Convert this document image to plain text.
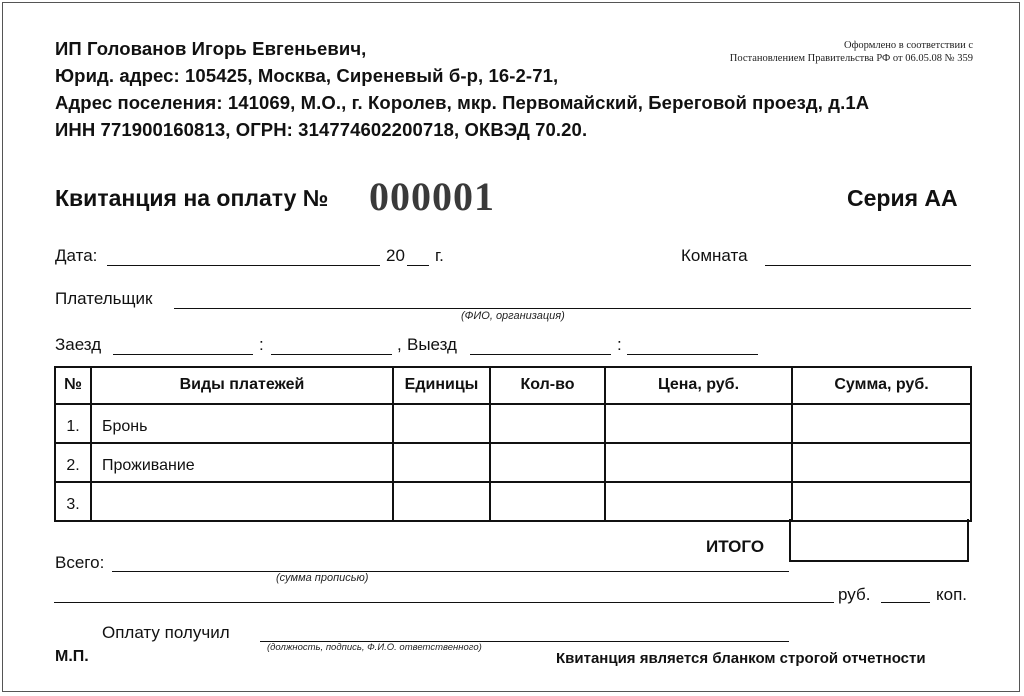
ИП Голованов Игорь Евгеньевич,
Юрид. адрес: 105425, Москва, Сиреневый б-р, 16-2-71,
Адрес поселения: 141069, М.О., г. Королев, мкр. Первомайский, Береговой проезд, д.1А
ИНН 771900160813, ОГРН: 314774602200718, ОКВЭД 70.20.
Оформлено в соответствии с
Постановлением Правительства РФ от 06.05.08 № 359
Квитанция на оплату № 000001	Серия АА
Дата:	20 г.	Комната
Плательщик
(ФИО, организация)
Заезд	:	, Выезд	:
№	Виды платежей	Единицы	Кол-во	Цена, руб.	Сумма, руб.
1.	Бронь				
2.	Проживание				
3.					
ИТОГО
Всего:
(сумма прописью)
руб.	коп.
Оплату получил
(должность, подпись, Ф.И.О. ответственного)
М.П.	Квитанция является бланком строгой отчетности
